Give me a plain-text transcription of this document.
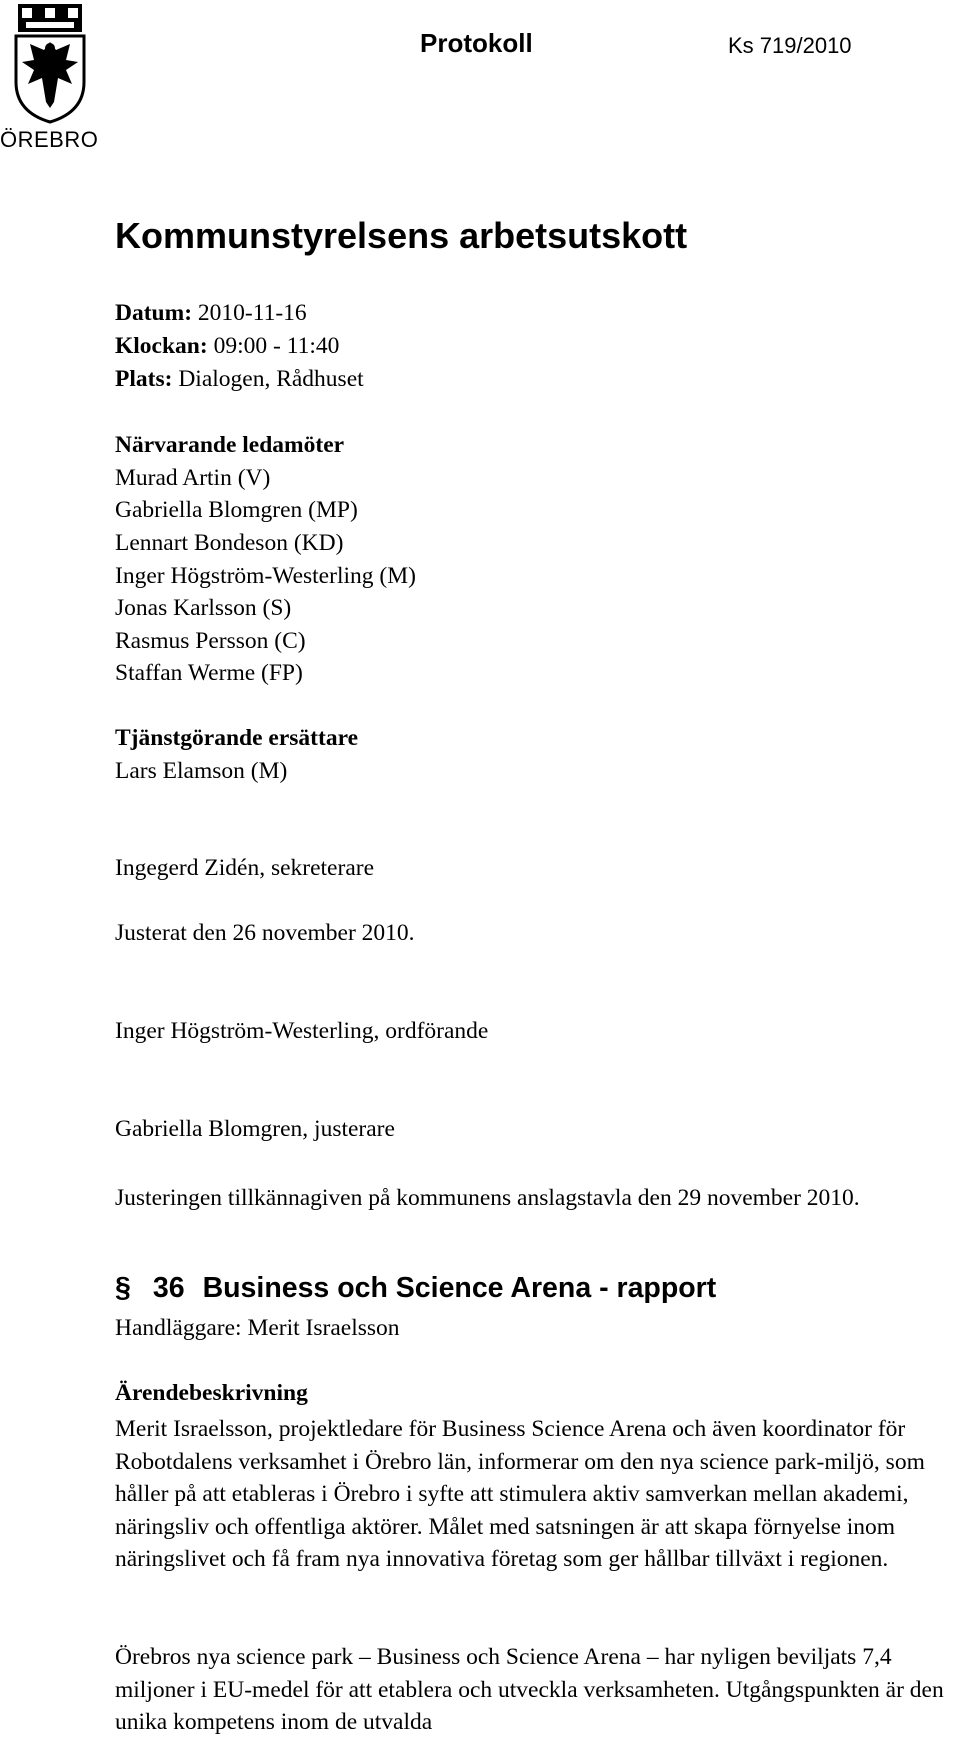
ÖREBRO
Protokoll	Ks 719/2010
Kommunstyrelsens arbetsutskott
Datum: 2010-11-16
Klockan: 09:00 - 11:40
Plats: Dialogen, Rådhuset
Närvarande ledamöter
Murad Artin (V)
Gabriella Blomgren (MP)
Lennart Bondeson (KD)
Inger Högström-Westerling (M)
Jonas Karlsson (S)
Rasmus Persson (C)
Staffan Werme (FP)
Tjänstgörande ersättare
Lars Elamson (M)
Ingegerd Zidén, sekreterare
Justerat den 26 november 2010.
Inger Högström-Westerling, ordförande
Gabriella Blomgren, justerare
Justeringen tillkännagiven på kommunens anslagstavla den 29 november 2010.
§ 36 Business och Science Arena - rapport
Handläggare: Merit Israelsson
Ärendebeskrivning
Merit Israelsson, projektledare för Business Science Arena och även koordinator för Robotdalens verksamhet i Örebro län, informerar om den nya science park-miljö, som håller på att etableras i Örebro i syfte att stimulera aktiv samverkan mellan akademi, näringsliv och offentliga aktörer. Målet med satsningen är att skapa förnyelse inom näringslivet och få fram nya innovativa företag som ger hållbar tillväxt i regionen.
Örebros nya science park – Business och Science Arena – har nyligen beviljats 7,4 miljoner i EU-medel för att etablera och utveckla verksamheten. Utgångspunkten är den unika kompetens inom de utvalda
